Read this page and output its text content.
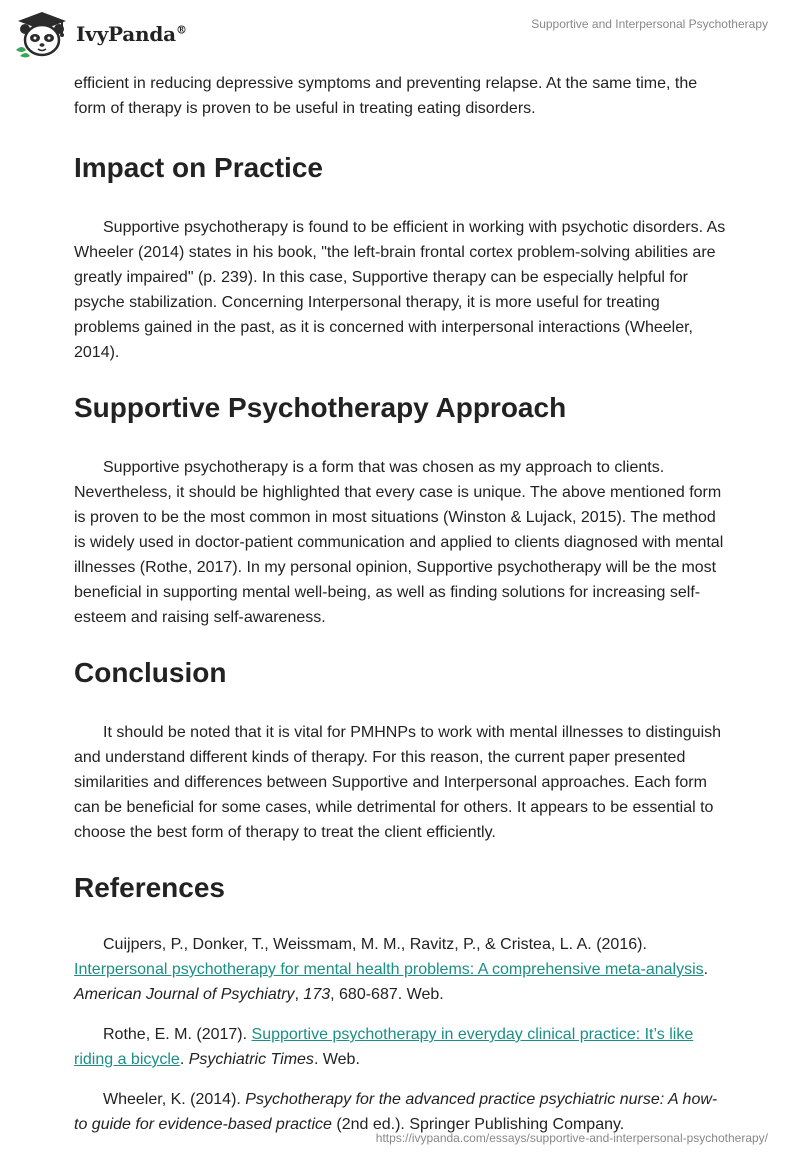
IvyPanda®	Supportive and Interpersonal Psychotherapy

efficient in reducing depressive symptoms and preventing relapse. At the same time, the form of therapy is proven to be useful in treating eating disorders.

Impact on Practice

Supportive psychotherapy is found to be efficient in working with psychotic disorders. As Wheeler (2014) states in his book, "the left-brain frontal cortex problem-solving abilities are greatly impaired" (p. 239). In this case, Supportive therapy can be especially helpful for psyche stabilization. Concerning Interpersonal therapy, it is more useful for treating problems gained in the past, as it is concerned with interpersonal interactions (Wheeler, 2014).

Supportive Psychotherapy Approach

Supportive psychotherapy is a form that was chosen as my approach to clients. Nevertheless, it should be highlighted that every case is unique. The above mentioned form is proven to be the most common in most situations (Winston & Lujack, 2015). The method is widely used in doctor-patient communication and applied to clients diagnosed with mental illnesses (Rothe, 2017). In my personal opinion, Supportive psychotherapy will be the most beneficial in supporting mental well-being, as well as finding solutions for increasing self-esteem and raising self-awareness.

Conclusion

It should be noted that it is vital for PMHNPs to work with mental illnesses to distinguish and understand different kinds of therapy. For this reason, the current paper presented similarities and differences between Supportive and Interpersonal approaches. Each form can be beneficial for some cases, while detrimental for others. It appears to be essential to choose the best form of therapy to treat the client efficiently.

References

Cuijpers, P., Donker, T., Weissmam, M. M., Ravitz, P., & Cristea, L. A. (2016). Interpersonal psychotherapy for mental health problems: A comprehensive meta-analysis. American Journal of Psychiatry, 173, 680-687. Web.

Rothe, E. M. (2017). Supportive psychotherapy in everyday clinical practice: It’s like riding a bicycle. Psychiatric Times. Web.

Wheeler, K. (2014). Psychotherapy for the advanced practice psychiatric nurse: A how-to guide for evidence-based practice (2nd ed.). Springer Publishing Company.

https://ivypanda.com/essays/supportive-and-interpersonal-psychotherapy/
